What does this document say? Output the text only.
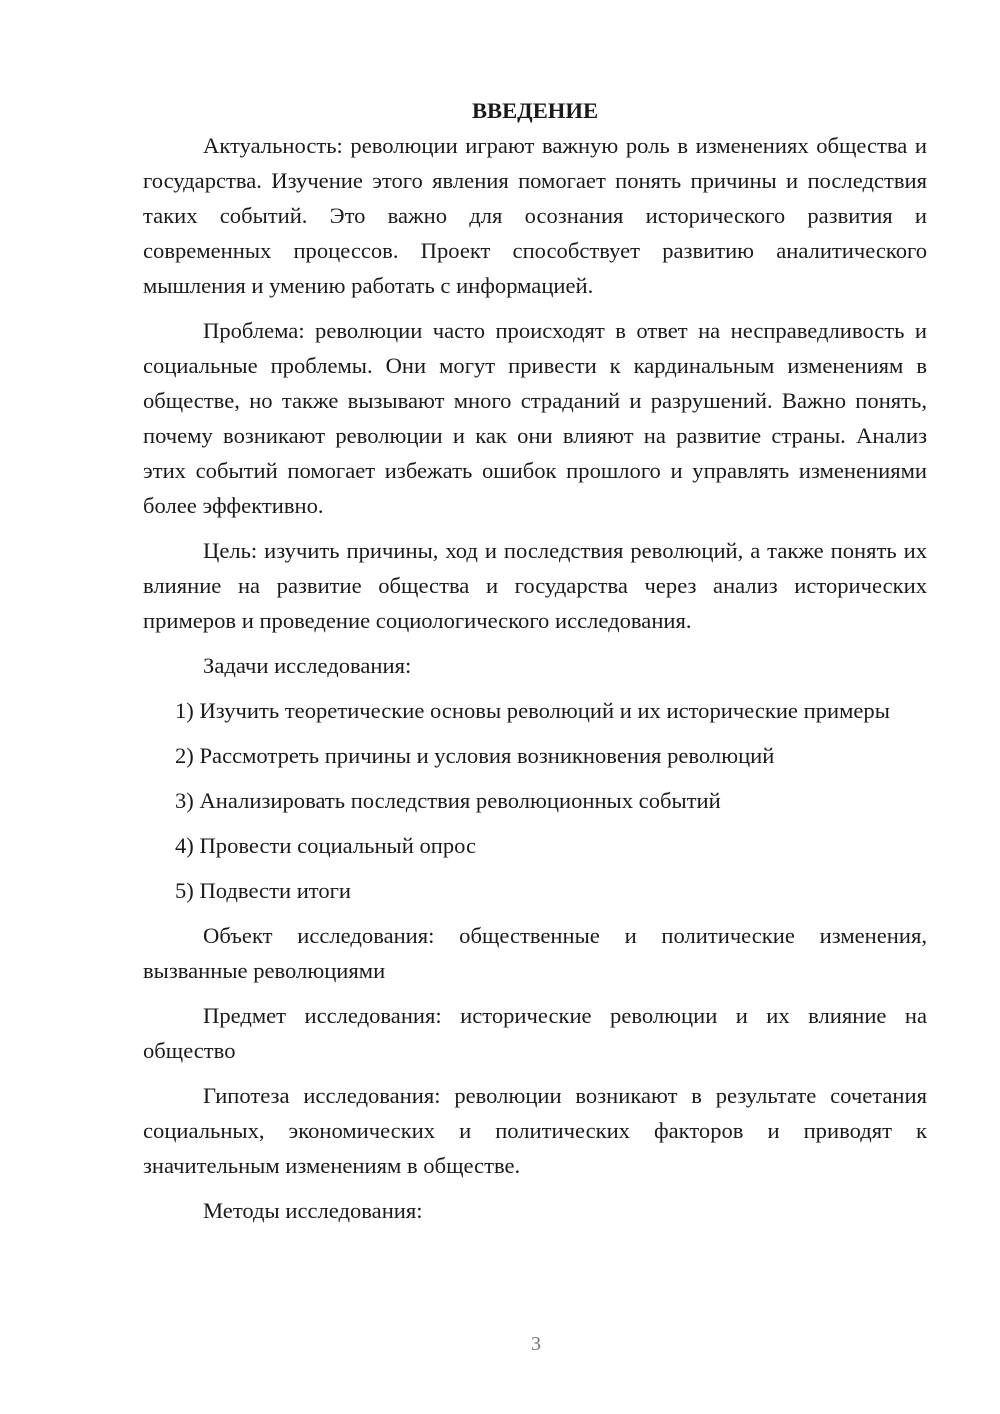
ВВЕДЕНИЕ

Актуальность: революции играют важную роль в изменениях общества и государства. Изучение этого явления помогает понять причины и последствия таких событий. Это важно для осознания исторического развития и современных процессов. Проект способствует развитию аналитического мышления и умению работать с информацией.

Проблема: революции часто происходят в ответ на несправедливость и социальные проблемы. Они могут привести к кардинальным изменениям в обществе, но также вызывают много страданий и разрушений. Важно понять, почему возникают революции и как они влияют на развитие страны. Анализ этих событий помогает избежать ошибок прошлого и управлять изменениями более эффективно.

Цель: изучить причины, ход и последствия революций, а также понять их влияние на развитие общества и государства через анализ исторических примеров и проведение социологического исследования.

Задачи исследования:

1) Изучить теоретические основы революций и их исторические примеры

2) Рассмотреть причины и условия возникновения революций

3) Анализировать последствия революционных событий

4) Провести социальный опрос

5) Подвести итоги

Объект исследования: общественные и политические изменения, вызванные революциями

Предмет исследования: исторические революции и их влияние на общество

Гипотеза исследования: революции возникают в результате сочетания социальных, экономических и политических факторов и приводят к значительным изменениям в обществе.

Методы исследования:

3
